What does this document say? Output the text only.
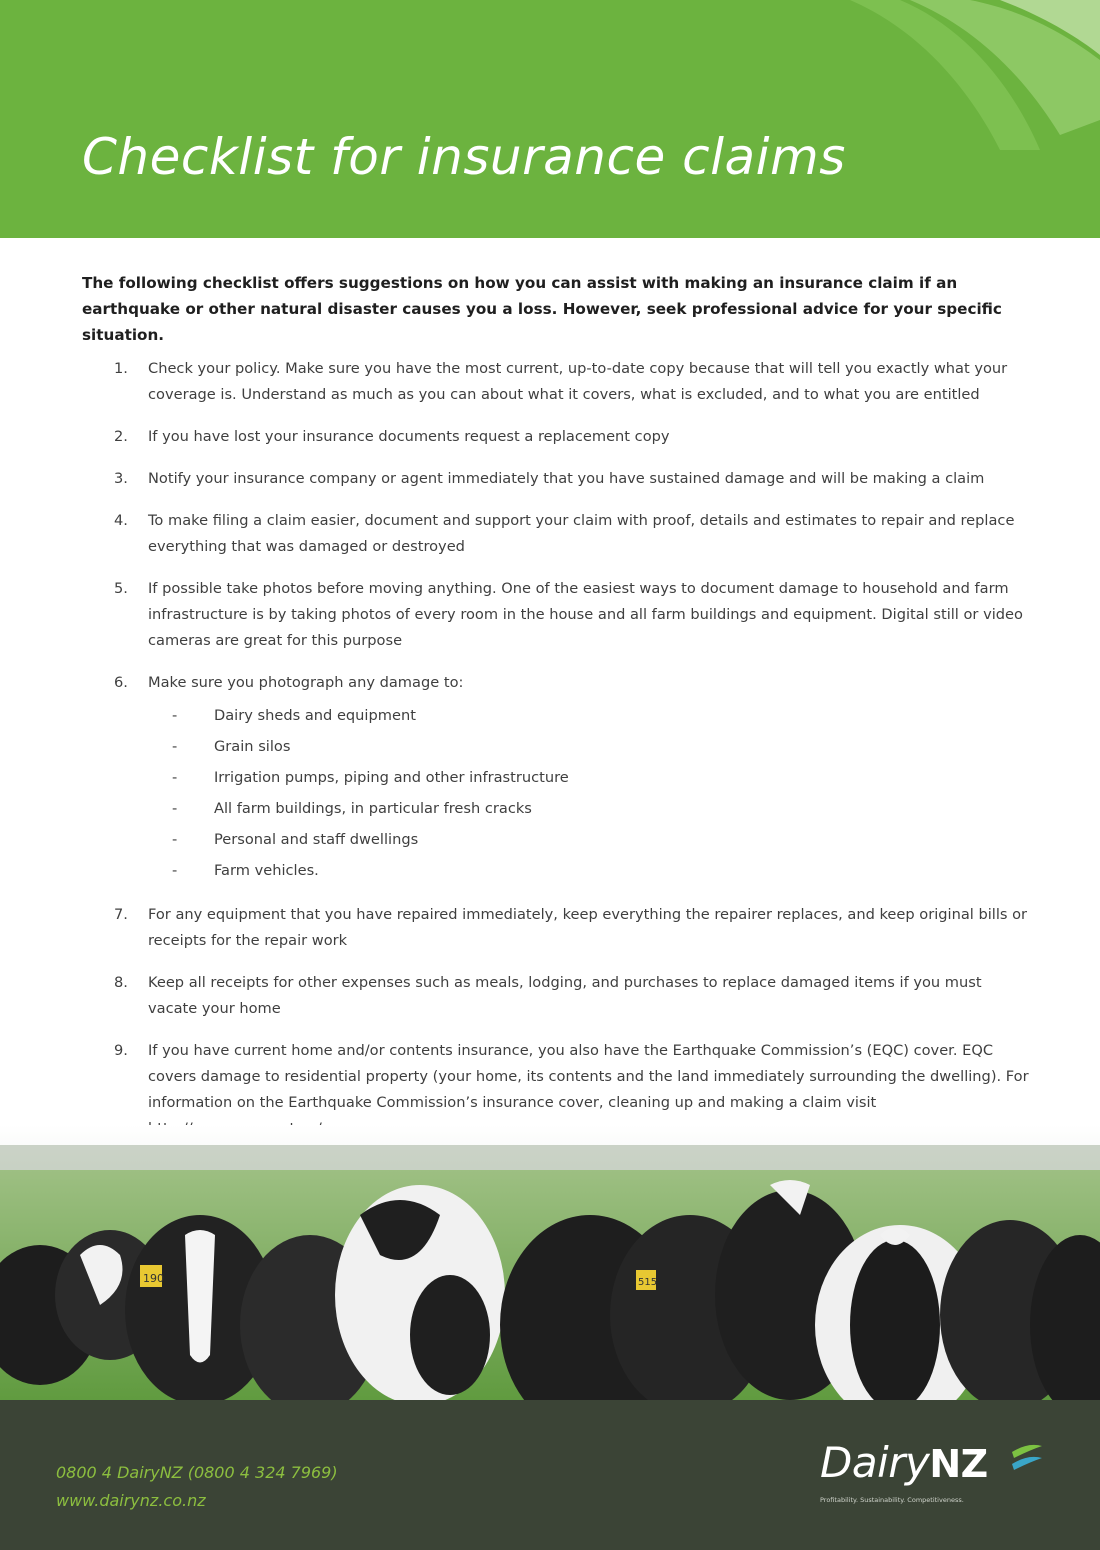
Checklist for insurance claims

The following checklist offers suggestions on how you can assist with making an insurance claim if an earthquake or other natural disaster causes you a loss. However, seek professional advice for your specific situation.

1. Check your policy. Make sure you have the most current, up-to-date copy because that will tell you exactly what your coverage is. Understand as much as you can about what it covers, what is excluded, and to what you are entitled
2. If you have lost your insurance documents request a replacement copy
3. Notify your insurance company or agent immediately that you have sustained damage and will be making a claim
4. To make filing a claim easier, document and support your claim with proof, details and estimates to repair and replace everything that was damaged or destroyed
5. If possible take photos before moving anything. One of the easiest ways to document damage to household and farm infrastructure is by taking photos of every room in the house and all farm buildings and equipment. Digital still or video cameras are great for this purpose
6. Make sure you photograph any damage to:
-	Dairy sheds and equipment
-	Grain silos
-	Irrigation pumps, piping and other infrastructure
-	All farm buildings, in particular fresh cracks
-	Personal and staff dwellings
-	Farm vehicles.
7. For any equipment that you have repaired immediately, keep everything the repairer replaces, and keep original bills or receipts for the repair work
8. Keep all receipts for other expenses such as meals, lodging, and purchases to replace damaged items if you must vacate your home
9. If you have current home and/or contents insurance, you also have the Earthquake Commission’s (EQC) cover. EQC covers damage to residential property (your home, its contents and the land immediately surrounding the dwelling). For information on the Earthquake Commission’s insurance cover, cleaning up and making a claim visit
190	515
0800 4 DairyNZ (0800 4 324 7969)
www.dairynz.co.nz
DairyNZ
Profitability. Sustainability. Competitiveness.
